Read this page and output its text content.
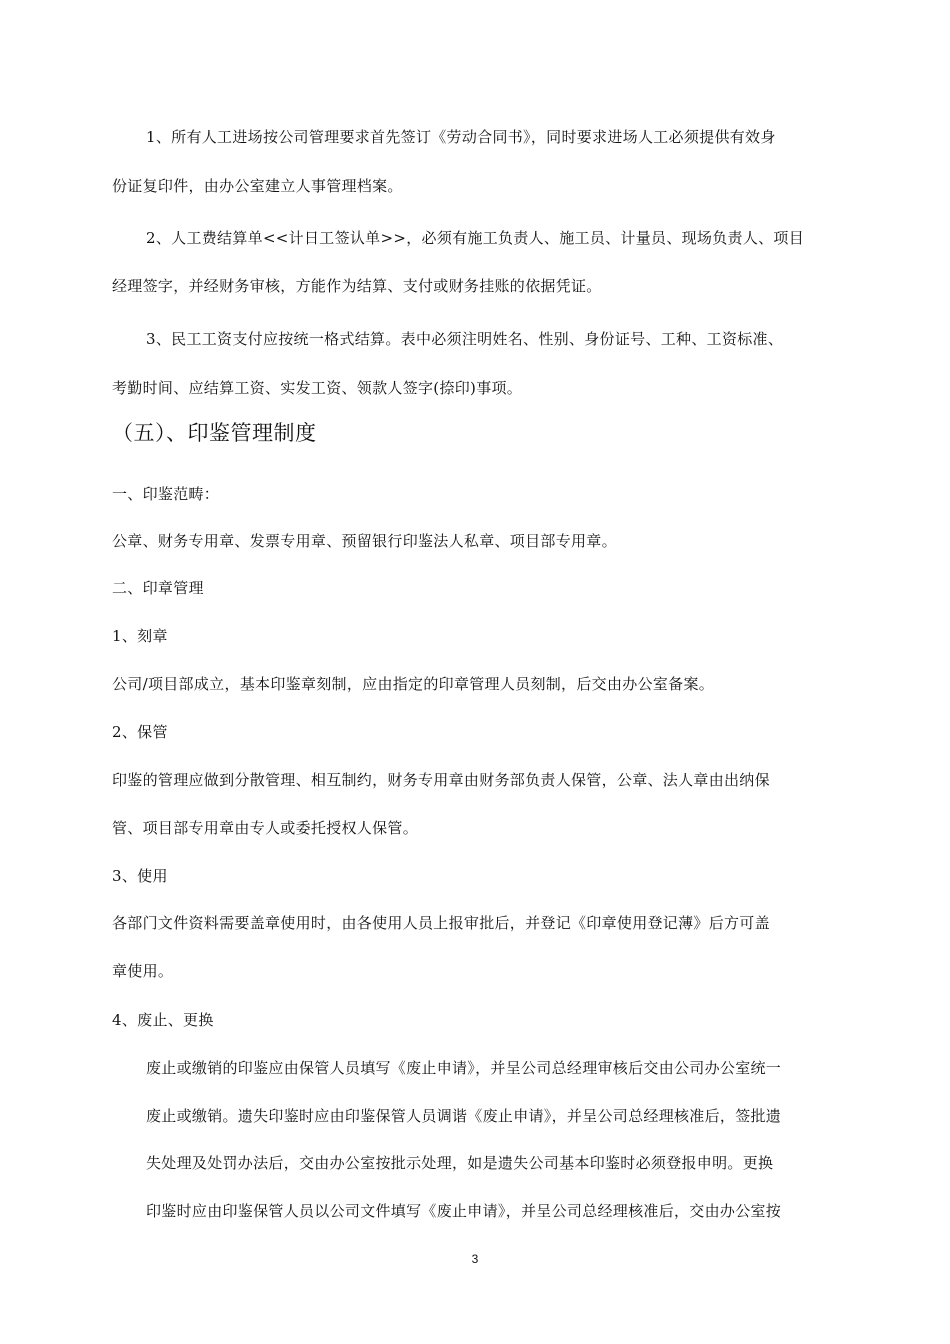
1、所有人工进场按公司管理要求首先签订《劳动合同书》，同时要求进场人工必须提供有效身
份证复印件，由办公室建立人事管理档案。
2、人工费结算单<<计日工签认单>>，必须有施工负责人、施工员、计量员、现场负责人、项目
经理签字，并经财务审核，方能作为结算、支付或财务挂账的依据凭证。
3、民工工资支付应按统一格式结算。表中必须注明姓名、性别、身份证号、工种、工资标准、
考勤时间、应结算工资、实发工资、领款人签字(捺印)事项。
（五）、印鉴管理制度
一、印鉴范畴：
公章、财务专用章、发票专用章、预留银行印鉴法人私章、项目部专用章。
二、印章管理
1、刻章
公司/项目部成立，基本印鉴章刻制，应由指定的印章管理人员刻制，后交由办公室备案。
2、保管
印鉴的管理应做到分散管理、相互制约，财务专用章由财务部负责人保管，公章、法人章由出纳保
管、项目部专用章由专人或委托授权人保管。
3、使用
各部门文件资料需要盖章使用时，由各使用人员上报审批后，并登记《印章使用登记薄》后方可盖
章使用。
4、废止、更换
废止或缴销的印鉴应由保管人员填写《废止申请》，并呈公司总经理审核后交由公司办公室统一
废止或缴销。遗失印鉴时应由印鉴保管人员调谐《废止申请》，并呈公司总经理核准后，签批遗
失处理及处罚办法后，交由办公室按批示处理，如是遗失公司基本印鉴时必须登报申明。更换
印鉴时应由印鉴保管人员以公司文件填写《废止申请》，并呈公司总经理核准后，交由办公室按
3
